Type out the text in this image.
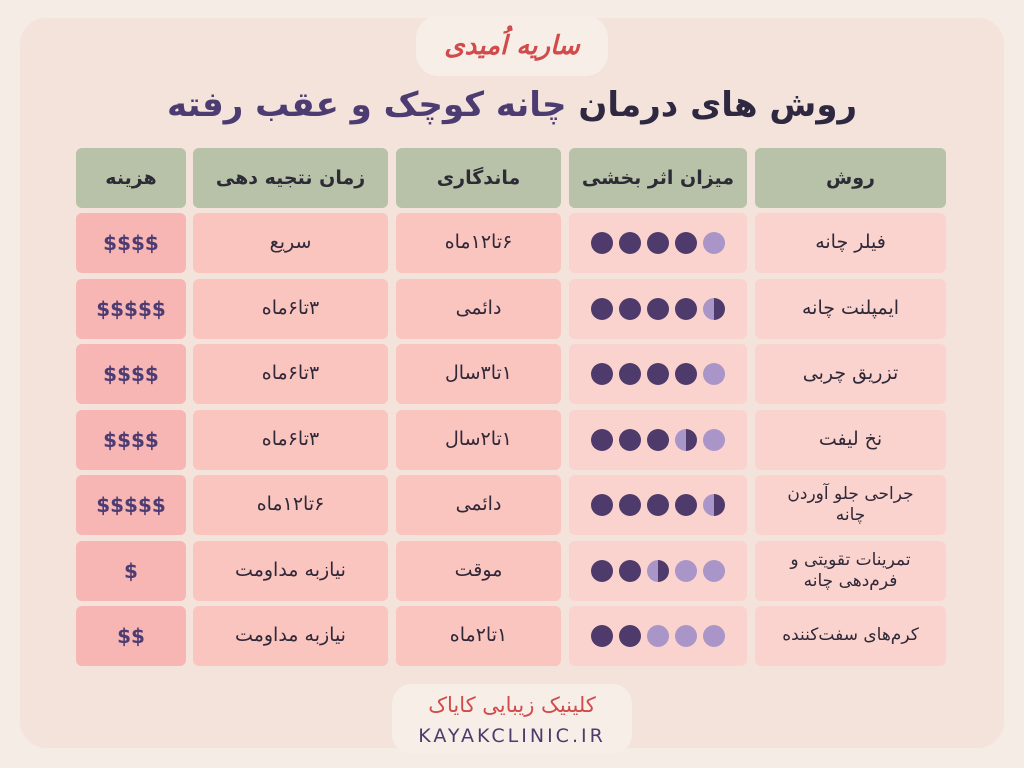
ساریه اُمیدی
روش های درمان

چانه کوچک و عقب رفته
روش
میزان اثر بخشی
ماندگاری
زمان نتجیه دهی
هزینه
فیلر چانه
۶تا۱۲ماه
سریع
$$$$
ایمپلنت چانه
دائمی
۳تا۶ماه
$$$$$
تزریق چربی
۱تا۳سال
۳تا۶ماه
$$$$
نخ لیفت
۱تا۲سال
۳تا۶ماه
$$$$
جراحی جلو آوردن چانه
دائمی
۶تا۱۲ماه
$$$$$
تمرینات تقویتی و فرم‌دهی چانه
موقت
نیازبه مداومت
$
کرم‌های سفت‌کننده
۱تا۲ماه
نیازبه مداومت
$$
کلینیک زیبایی کایاک
KAYAKCLINIC.IR
